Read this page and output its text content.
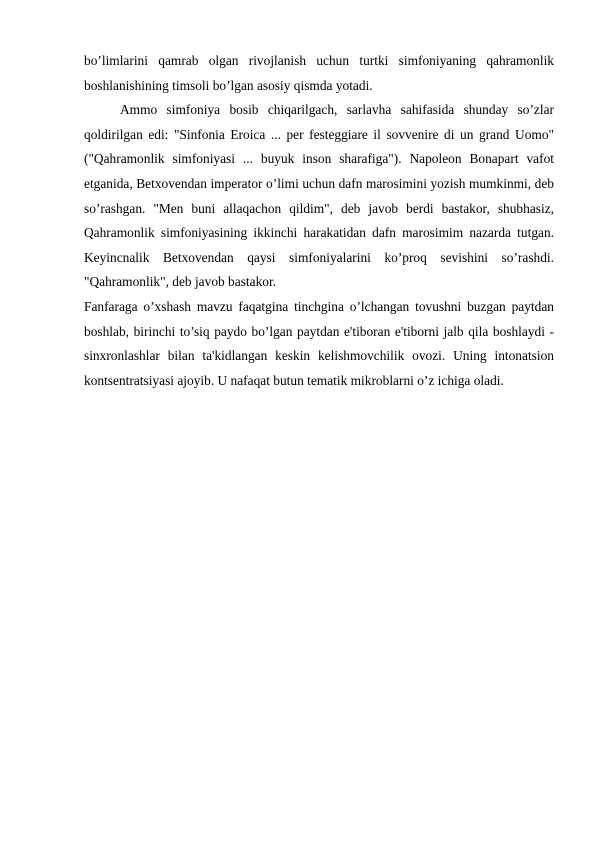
bo’limlarini qamrab olgan rivojlanish uchun turtki simfoniyaning qahramonlik boshlanishining timsoli bo’lgan asosiy qismda yotadi.

Ammo simfoniya bosib chiqarilgach, sarlavha sahifasida shunday so’zlar qoldirilgan edi: "Sinfonia Eroica ... per festeggiare il sovvenire di un grand Uomo" ("Qahramonlik simfoniyasi ... buyuk inson sharafiga"). Napoleon Bonapart vafot etganida, Betxovendan imperator o’limi uchun dafn marosimini yozish mumkinmi, deb so’rashgan. "Men buni allaqachon qildim", deb javob berdi bastakor, shubhasiz, Qahramonlik simfoniyasining ikkinchi harakatidan dafn marosimim nazarda tutgan. Keyincnalik Betxovendan qaysi simfoniyalarini ko’proq sevishini so’rashdi. "Qahramonlik", deb javob bastakor.

Fanfaraga o’xshash mavzu faqatgina tinchgina o’lchangan tovushni buzgan paytdan boshlab, birinchi to’siq paydo bo’lgan paytdan e'tiboran e'tiborni jalb qila boshlaydi - sinxronlashlar bilan ta'kidlangan keskin kelishmovchilik ovozi. Uning intonatsion kontsentratsiyasi ajoyib. U nafaqat butun tematik mikroblarni o’z ichiga oladi.
